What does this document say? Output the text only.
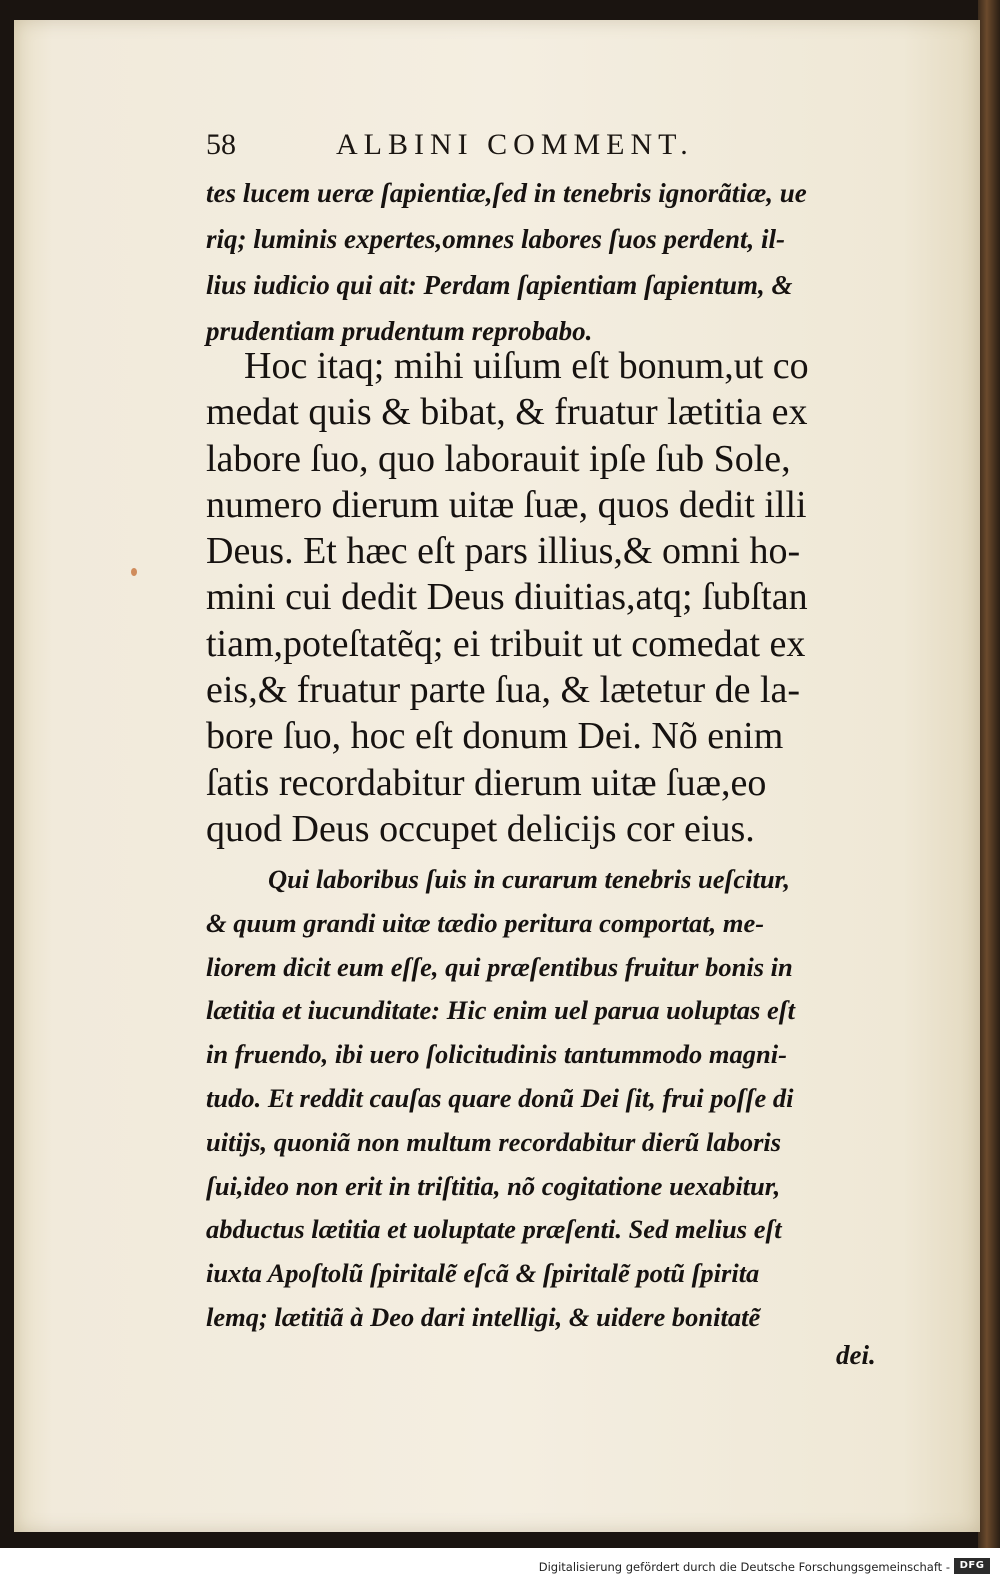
58	ALBINI COMMENT.
tes lucem ueræ ſapientiæ,ſed in tenebris ignorãtiæ, ue
riq; luminis expertes,omnes labores ſuos perdent, il-
lius iudicio qui ait: Perdam ſapientiam ſapientum, &
prudentiam prudentum reprobabo.
Hoc itaq; mihi uiſum eſt bonum,ut co
medat quis & bibat, & fruatur lætitia ex
labore ſuo, quo laborauit ipſe ſub Sole,
numero dierum uitæ ſuæ, quos dedit illi
Deus. Et hæc eſt pars illius,& omni ho-
mini cui dedit Deus diuitias,atq; ſubſtan
tiam,poteſtatẽq; ei tribuit ut comedat ex
eis,& fruatur parte ſua, & lætetur de la-
bore ſuo, hoc eſt donum Dei. Nõ enim
ſatis recordabitur dierum uitæ ſuæ,eo
quod Deus occupet delicijs cor eius.
Qui laboribus ſuis in curarum tenebris ueſcitur,
& quum grandi uitæ tædio peritura comportat, me-
liorem dicit eum eſſe, qui præſentibus fruitur bonis in
lætitia et iucunditate: Hic enim uel parua uoluptas eſt
in fruendo, ibi uero ſolicitudinis tantummodo magni-
tudo. Et reddit cauſas quare donũ Dei ſit, frui poſſe di
uitijs, quoniã non multum recordabitur dierũ laboris
ſui,ideo non erit in triſtitia, nõ cogitatione uexabitur,
abductus lætitia et uoluptate præſenti. Sed melius eſt
iuxta Apoſtolũ ſpiritalẽ eſcã & ſpiritalẽ potũ ſpirita
lemq; lætitiã à Deo dari intelligi, & uidere bonitatẽ
dei.
Digitalisierung gefördert durch die Deutsche Forschungsgemeinschaft - DFG
